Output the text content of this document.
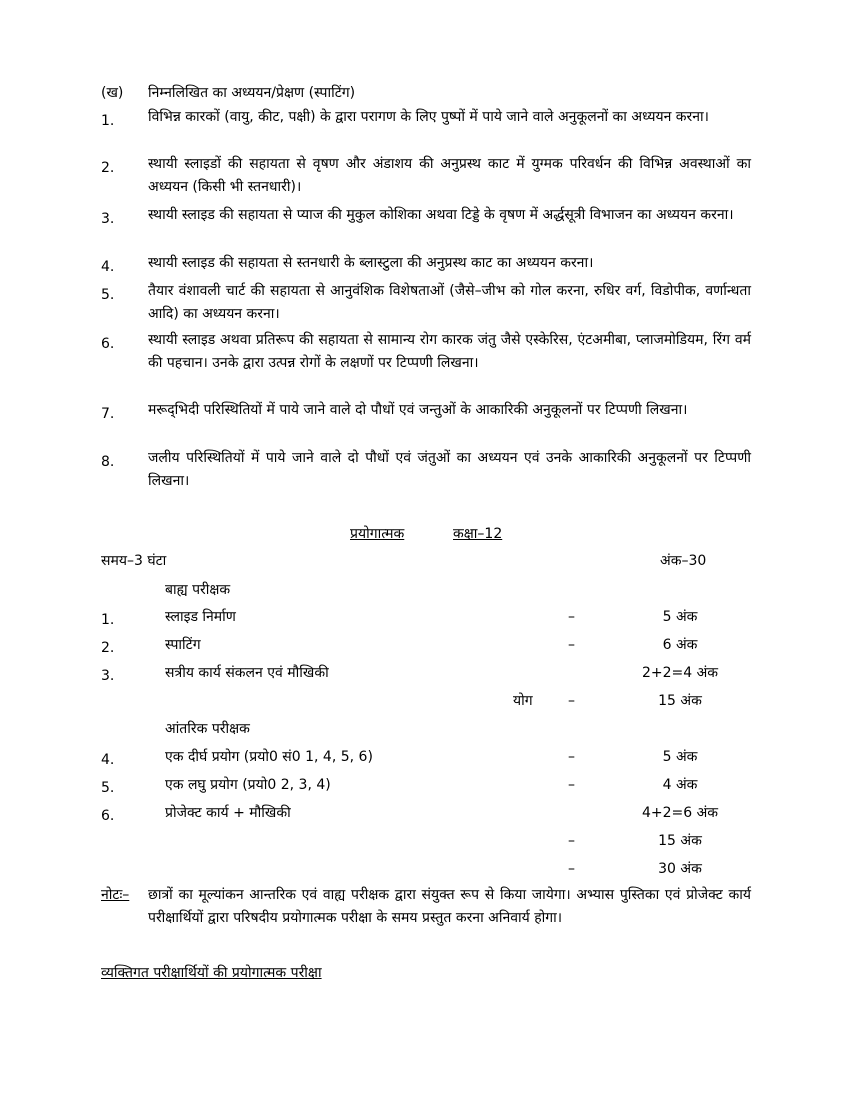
(ख) निम्नलिखित का अध्ययन/प्रेक्षण (स्पाटिंग)
1. विभिन्न कारकों (वायु, कीट, पक्षी) के द्वारा परागण के लिए पुष्पों में पाये जाने वाले अनुकूलनों का अध्ययन करना।
2. स्थायी स्लाइडों की सहायता से वृषण और अंडाशय की अनुप्रस्थ काट में युग्मक परिवर्धन की विभिन्न अवस्थाओं का अध्ययन (किसी भी स्तनधारी)।
3. स्थायी स्लाइड की सहायता से प्याज की मुकुल कोशिका अथवा टिड्डे के वृषण में अर्द्धसूत्री विभाजन का अध्ययन करना।
4. स्थायी स्लाइड की सहायता से स्तनधारी के ब्लास्टुला की अनुप्रस्थ काट का अध्ययन करना।
5. तैयार वंशावली चार्ट की सहायता से आनुवंशिक विशेषताओं (जैसे–जीभ को गोल करना, रुधिर वर्ग, विडोपीक, वर्णान्धता आदि) का अध्ययन करना।
6. स्थायी स्लाइड अथवा प्रतिरूप की सहायता से सामान्य रोग कारक जंतु जैसे एस्केरिस, एंटअमीबा, प्लाजमोडियम, रिंग वर्म की पहचान। उनके द्वारा उत्पन्न रोगों के लक्षणों पर टिप्पणी लिखना।
7. मरूद्‌भिदी परिस्थितियों में पाये जाने वाले दो पौधों एवं जन्तुओं के आकारिकी अनुकूलनों पर टिप्पणी लिखना।
8. जलीय परिस्थितियों में पाये जाने वाले दो पौधों एवं जंतुओं का अध्ययन एवं उनके आकारिकी अनुकूलनों पर टिप्पणी लिखना।
प्रयोगात्मक	कक्षा–12
समय–3 घंटा	अंक–30
बाह्य परीक्षक
1.	स्लाइड निर्माण	–	5 अंक
2.	स्पाटिंग	–	6 अंक
3.	सत्रीय कार्य संकलन एवं मौखिकी	2+2=4 अंक
योग	–	15 अंक
आंतरिक परीक्षक
4.	एक दीर्घ प्रयोग (प्रयो0 सं0 1, 4, 5, 6)	–	5 अंक
5.	एक लघु प्रयोग (प्रयो0 2, 3, 4)	–	4 अंक
6.	प्रोजेक्ट कार्य + मौखिकी	4+2=6 अंक
–	15 अंक
–	30 अंक
नोटः– छात्रों का मूल्यांकन आन्तरिक एवं वाह्य परीक्षक द्वारा संयुक्त रूप से किया जायेगा। अभ्यास पुस्तिका एवं प्रोजेक्ट कार्य परीक्षार्थियों द्वारा परिषदीय प्रयोगात्मक परीक्षा के समय प्रस्तुत करना अनिवार्य होगा।
व्यक्तिगत परीक्षार्थियों की प्रयोगात्मक परीक्षा
